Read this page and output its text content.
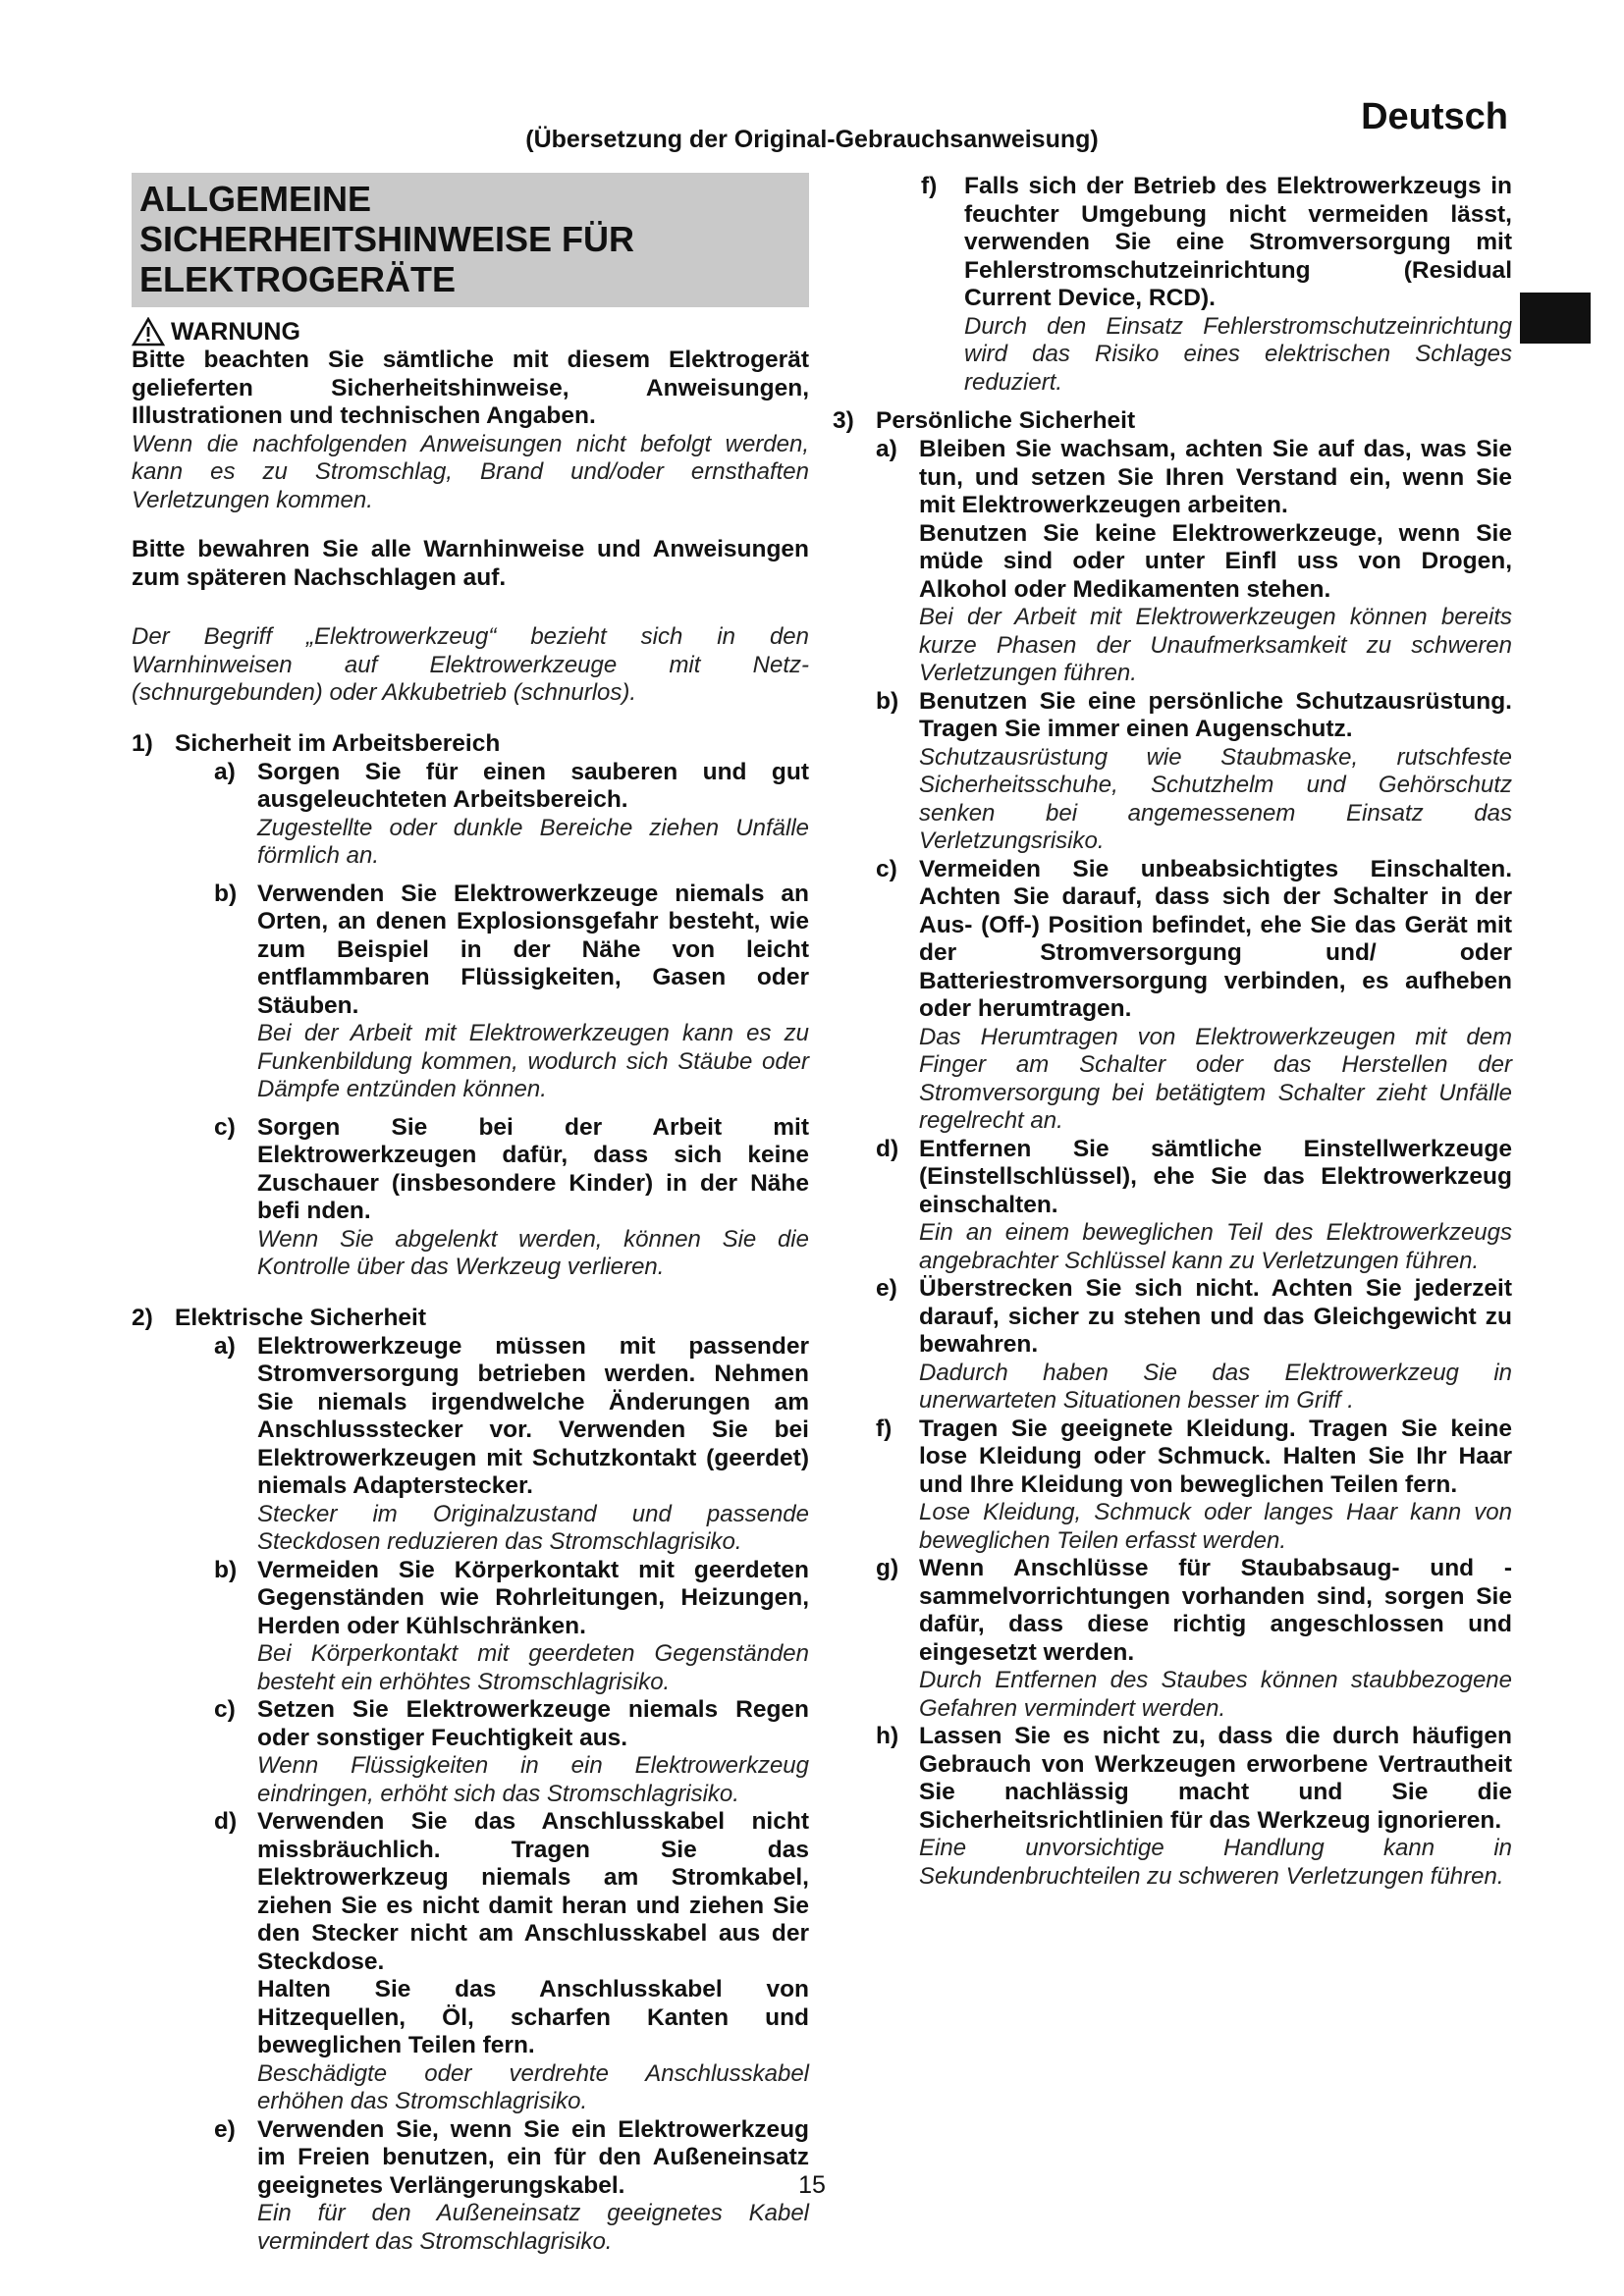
(Übersetzung der Original-Gebrauchsanweisung)
Deutsch
ALLGEMEINE
SICHERHEITSHINWEISE FÜR
ELEKTROGERÄTE
WARNUNG

Bitte beachten Sie sämtliche mit diesem Elektrogerät gelieferten Sicherheitshinweise, Anweisungen, Illustrationen und technischen Angaben.

Wenn die nachfolgenden Anweisungen nicht befolgt werden, kann es zu Stromschlag, Brand und/oder ernsthaften Verletzungen kommen.

Bitte bewahren Sie alle Warnhinweise und Anweisungen zum späteren Nachschlagen auf.

Der Begriff „Elektrowerkzeug“ bezieht sich in den Warnhinweisen auf Elektrowerkzeuge mit Netz- (schnurgebunden) oder Akkubetrieb (schnurlos).

1) Sicherheit im Arbeitsbereich
a) Sorgen Sie für einen sauberen und gut ausgeleuchteten Arbeitsbereich.

Zugestellte oder dunkle Bereiche ziehen Unfälle förmlich an.

b) Verwenden Sie Elektrowerkzeuge niemals an Orten, an denen Explosionsgefahr besteht, wie zum Beispiel in der Nähe von leicht entflammbaren Flüssigkeiten, Gasen oder Stäuben.

Bei der Arbeit mit Elektrowerkzeugen kann es zu Funkenbildung kommen, wodurch sich Stäube oder Dämpfe entzünden können.

c) Sorgen Sie bei der Arbeit mit Elektrowerkzeugen dafür, dass sich keine Zuschauer (insbesondere Kinder) in der Nähe befi nden.

Wenn Sie abgelenkt werden, können Sie die Kontrolle über das Werkzeug verlieren.

2) Elektrische Sicherheit
a) Elektrowerkzeuge müssen mit passender Stromversorgung betrieben werden. Nehmen Sie niemals irgendwelche Änderungen am Anschlussstecker vor. Verwenden Sie bei Elektrowerkzeugen mit Schutzkontakt (geerdet) niemals Adapterstecker.

Stecker im Originalzustand und passende Steckdosen reduzieren das Stromschlagrisiko.

b) Vermeiden Sie Körperkontakt mit geerdeten Gegenständen wie Rohrleitungen, Heizungen, Herden oder Kühlschränken.

Bei Körperkontakt mit geerdeten Gegenständen besteht ein erhöhtes Stromschlagrisiko.

c) Setzen Sie Elektrowerkzeuge niemals Regen oder sonstiger Feuchtigkeit aus.

Wenn Flüssigkeiten in ein Elektrowerkzeug eindringen, erhöht sich das Stromschlagrisiko.

d) Verwenden Sie das Anschlusskabel nicht missbräuchlich. Tragen Sie das Elektrowerkzeug niemals am Stromkabel, ziehen Sie es nicht damit heran und ziehen Sie den Stecker nicht am Anschlusskabel aus der Steckdose.

Halten Sie das Anschlusskabel von Hitzequellen, Öl, scharfen Kanten und beweglichen Teilen fern.

Beschädigte oder verdrehte Anschlusskabel erhöhen das Stromschlagrisiko.

e) Verwenden Sie, wenn Sie ein Elektrowerkzeug im Freien benutzen, ein für den Außeneinsatz geeignetes Verlängerungskabel.

Ein für den Außeneinsatz geeignetes Kabel vermindert das Stromschlagrisiko.

f)	Falls sich der Betrieb des Elektrowerkzeugs in feuchter Umgebung nicht vermeiden lässt, verwenden Sie eine Stromversorgung mit Fehlerstromschutzeinrichtung (Residual Current Device, RCD).

Durch den Einsatz Fehlerstromschutzeinrichtung wird das Risiko eines elektrischen Schlages reduziert.

3) Persönliche Sicherheit
a) Bleiben Sie wachsam, achten Sie auf das, was Sie tun, und setzen Sie Ihren Verstand ein, wenn Sie mit Elektrowerkzeugen arbeiten.

Benutzen Sie keine Elektrowerkzeuge, wenn Sie müde sind oder unter Einfl uss von Drogen, Alkohol oder Medikamenten stehen.

Bei der Arbeit mit Elektrowerkzeugen können bereits kurze Phasen der Unaufmerksamkeit zu schweren Verletzungen führen.

b) Benutzen Sie eine persönliche Schutzausrüstung. Tragen Sie immer einen Augenschutz.

Schutzausrüstung wie Staubmaske, rutschfeste Sicherheitsschuhe, Schutzhelm und Gehörschutz senken bei angemessenem Einsatz das Verletzungsrisiko.

c) Vermeiden Sie unbeabsichtigtes Einschalten. Achten Sie darauf, dass sich der Schalter in der Aus- (Off-) Position befindet, ehe Sie das Gerät mit der Stromversorgung und/ oder Batteriestromversorgung verbinden, es aufheben oder herumtragen.

Das Herumtragen von Elektrowerkzeugen mit dem Finger am Schalter oder das Herstellen der Stromversorgung bei betätigtem Schalter zieht Unfälle regelrecht an.

d) Entfernen Sie sämtliche Einstellwerkzeuge (Einstellschlüssel), ehe Sie das Elektrowerkzeug einschalten.

Ein an einem beweglichen Teil des Elektrowerkzeugs angebrachter Schlüssel kann zu Verletzungen führen.

e) Überstrecken Sie sich nicht. Achten Sie jederzeit darauf, sicher zu stehen und das Gleichgewicht zu bewahren.

Dadurch haben Sie das Elektrowerkzeug in unerwarteten Situationen besser im Griff .

f)	Tragen Sie geeignete Kleidung. Tragen Sie keine lose Kleidung oder Schmuck. Halten Sie Ihr Haar und Ihre Kleidung von beweglichen Teilen fern.

Lose Kleidung, Schmuck oder langes Haar kann von beweglichen Teilen erfasst werden.

g) Wenn Anschlüsse für Staubabsaug- und -sammelvorrichtungen vorhanden sind, sorgen Sie dafür, dass diese richtig angeschlossen und eingesetzt werden.

Durch Entfernen des Staubes können staubbezogene Gefahren vermindert werden.

h) Lassen Sie es nicht zu, dass die durch häufigen Gebrauch von Werkzeugen erworbene Vertrautheit Sie nachlässig macht und Sie die Sicherheitsrichtlinien für das Werkzeug ignorieren.

Eine unvorsichtige Handlung kann in Sekundenbruchteilen zu schweren Verletzungen führen.

15
